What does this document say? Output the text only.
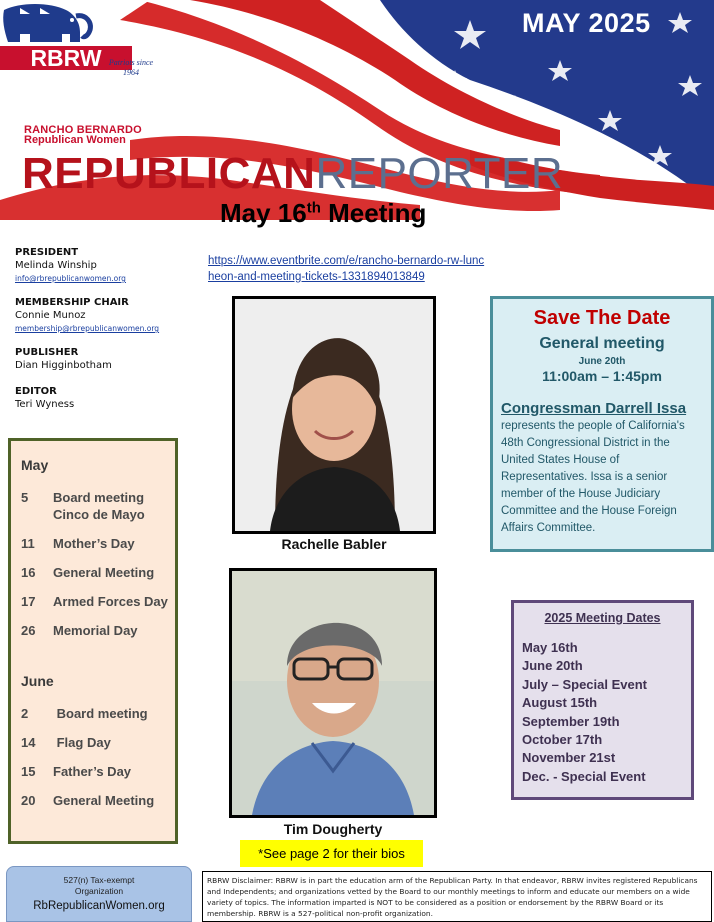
MAY 2025
RBRW Patriots since 1964
RANCHO BERNARDO
Republican Women
REPUBLICANREPORTER
May 16th Meeting
PRESIDENT
Melinda Winship
info@rbrepublicanwomen.org
MEMBERSHIP CHAIR
Connie Munoz
membership@rbrepublicanwomen.org
PUBLISHER
Dian Higginbotham
EDITOR
Teri Wyness
May
5	Board meeting
Cinco de Mayo
11	Mother’s Day
16	General Meeting
17	Armed Forces Day
26	Memorial Day
June
2	Board meeting
14	Flag Day
15	Father’s Day
20	General Meeting
527(n) Tax-exempt
Organization
RbRepublicanWomen.org
https://www.eventbrite.com/e/rancho-bernardo-rw-luncheon-and-meeting-tickets-1331894013849
Rachelle Babler
Tim Dougherty
*See page 2 for their bios
Save The Date
General meeting
June 20th
11:00am – 1:45pm
Congressman Darrell Issa
represents the people of California's 48th Congressional District in the United States House of Representatives. Issa is a senior member of the House Judiciary Committee and the House Foreign Affairs Committee.
2025 Meeting Dates
May 16th
June 20th
July – Special Event
August 15th
September 19th
October 17th
November 21st
Dec. - Special Event
RBRW Disclaimer: RBRW is in part the education arm of the Republican Party. In that endeavor, RBRW invites registered Republicans and Independents; and organizations vetted by the Board to our monthly meetings to inform and educate our members on a wide variety of topics. The information imparted is NOT to be considered as a position or endorsement by the RBRW Board or its membership. RBRW is a 527-political non-profit organization.
